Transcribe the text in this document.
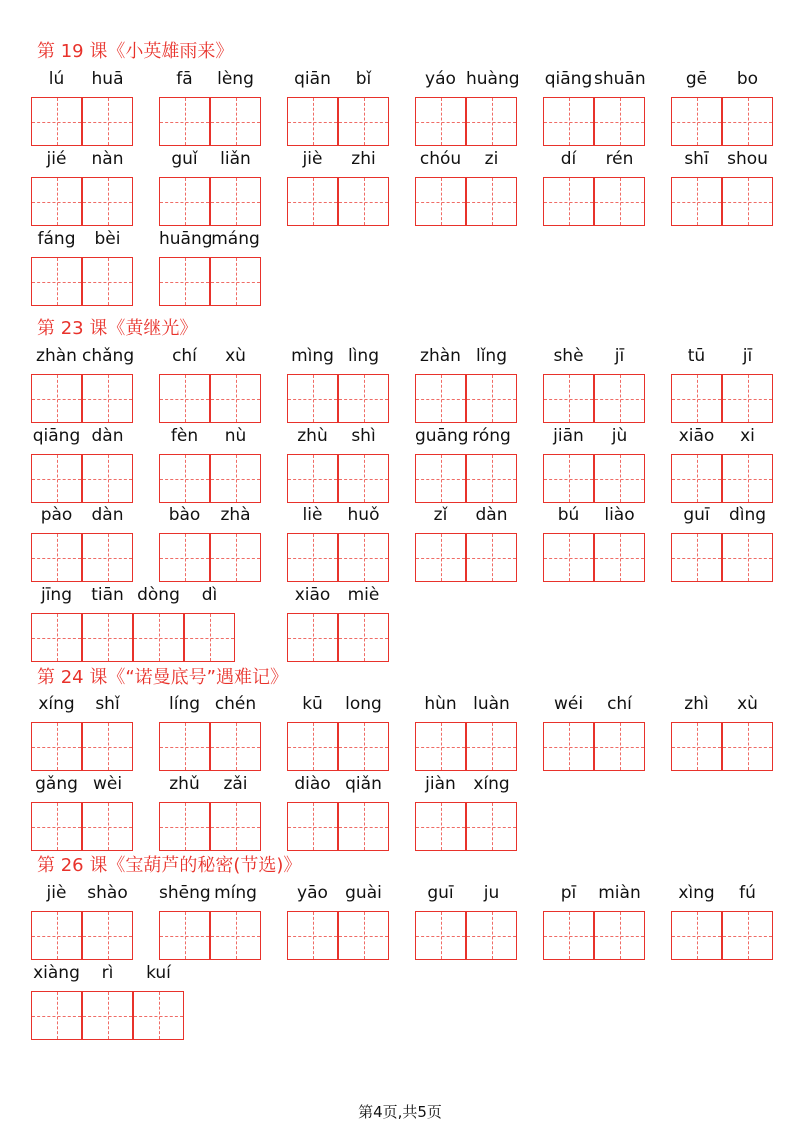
第 19 课《小英雄雨来》
lú	huā	fā	lèng	qiān	bǐ	yáo huàng qiāng shuān	gē	bo
jié	nàn	guǐ	liǎn	jiè	zhi	chóu	zi	dí	rén	shī	shou
fáng	bèi	huāng
máng
第 23 课《黄继光》
zhàn chǎng	chí	xù	mìng lìng	zhàn lǐng	shè	jī	tū	jī
qiāng dàn	fèn	nù	zhù	shì	guāng róng	jiān	jù	xiāo	xi
pào	dàn	bào	zhà	liè	huǒ	zǐ	dàn	bú	liào	guī	dìng
jīng	tiān dòng	dì	xiāo	miè
第 24 课《“诺曼底号”遇难记》
xíng	shǐ	líng chén	kū	long	hùn luàn	wéi	chí	zhì	xù
gǎng wèi	zhǔ	zǎi	diào qiǎn	jiàn	xíng
第 26 课《宝葫芦的秘密(节选)》
jiè	shào	shēng míng	yāo	guài	guī	ju	pī	miàn	xìng	fú
xiàng	rì	kuí
第4页,共5页
